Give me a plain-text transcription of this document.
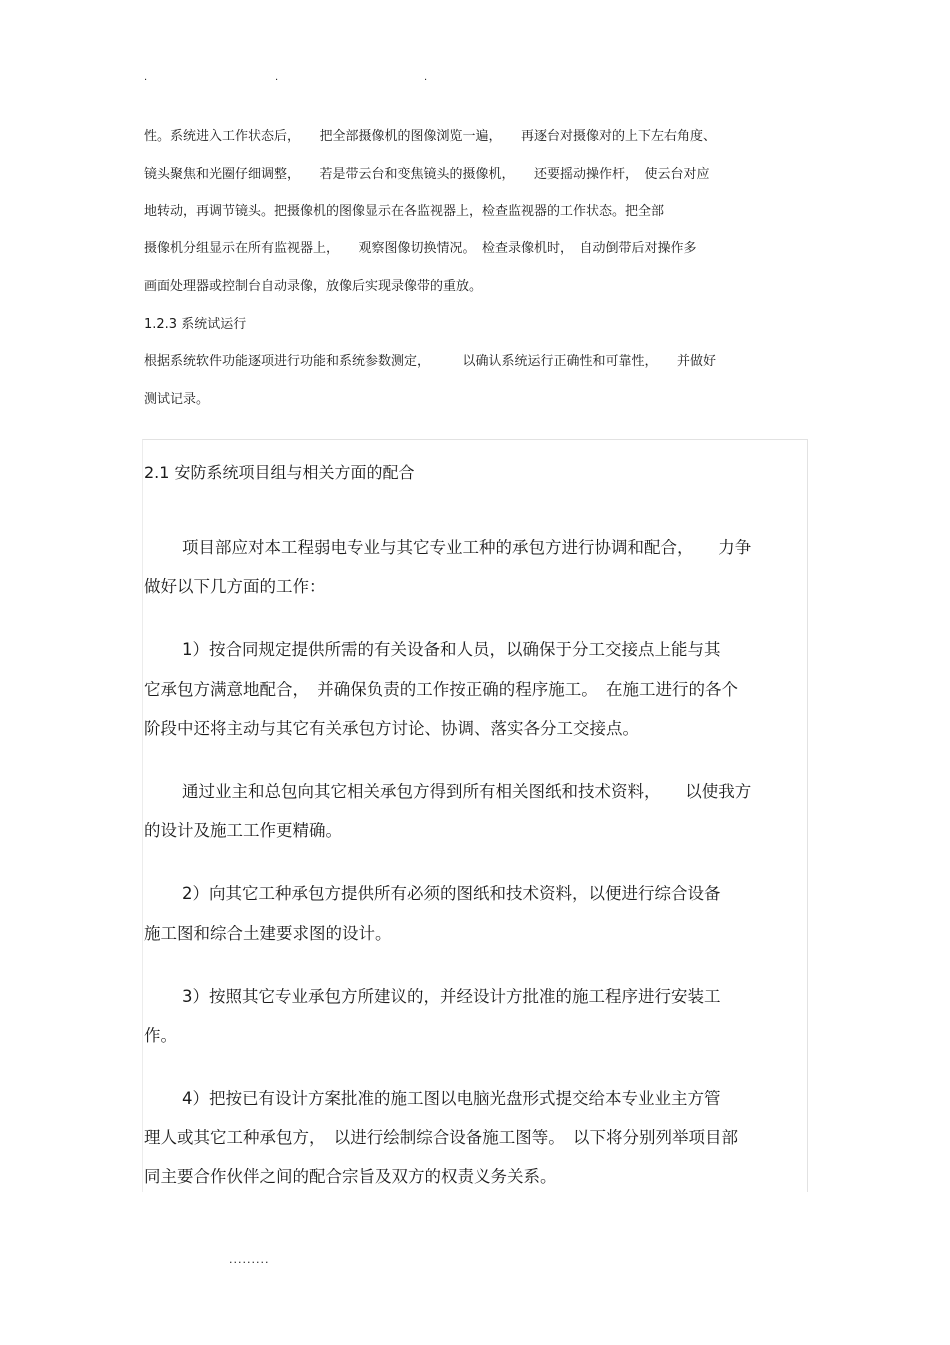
.	.	.

性。系统进入工作状态后，　　把全部摄像机的图像浏览一遍，　　再逐台对摄像对的上下左右角度、

镜头聚焦和光圈仔细调整，　　若是带云台和变焦镜头的摄像机，　　还要摇动操作杆，　使云台对应

地转动，再调节镜头。把摄像机的图像显示在各监视器上，检查监视器的工作状态。把全部

摄像机分组显示在所有监视器上，　　观察图像切换情况。　检查录像机时，　自动倒带后对操作多

画面处理器或控制台自动录像，放像后实现录像带的重放。

1.2.3 系统试运行

根据系统软件功能逐项进行功能和系统参数测定，　　　以确认系统运行正确性和可靠性，　　并做好

测试记录。

2.1 安防系统项目组与相关方面的配合

项目部应对本工程弱电专业与其它专业工种的承包方进行协调和配合，　　力争

做好以下几方面的工作：

1）按合同规定提供所需的有关设备和人员，以确保于分工交接点上能与其

它承包方满意地配合，　并确保负责的工作按正确的程序施工。　在施工进行的各个

阶段中还将主动与其它有关承包方讨论、协调、落实各分工交接点。

通过业主和总包向其它相关承包方得到所有相关图纸和技术资料，　　以使我方

的设计及施工工作更精确。

2）向其它工种承包方提供所有必须的图纸和技术资料，以便进行综合设备

施工图和综合土建要求图的设计。

3）按照其它专业承包方所建议的，并经设计方批准的施工程序进行安装工

作。

4）把按已有设计方案批准的施工图以电脑光盘形式提交给本专业业主方管

理人或其它工种承包方，　以进行绘制综合设备施工图等。　以下将分别列举项目部

同主要合作伙伴之间的配合宗旨及双方的权责义务关系。

.........
